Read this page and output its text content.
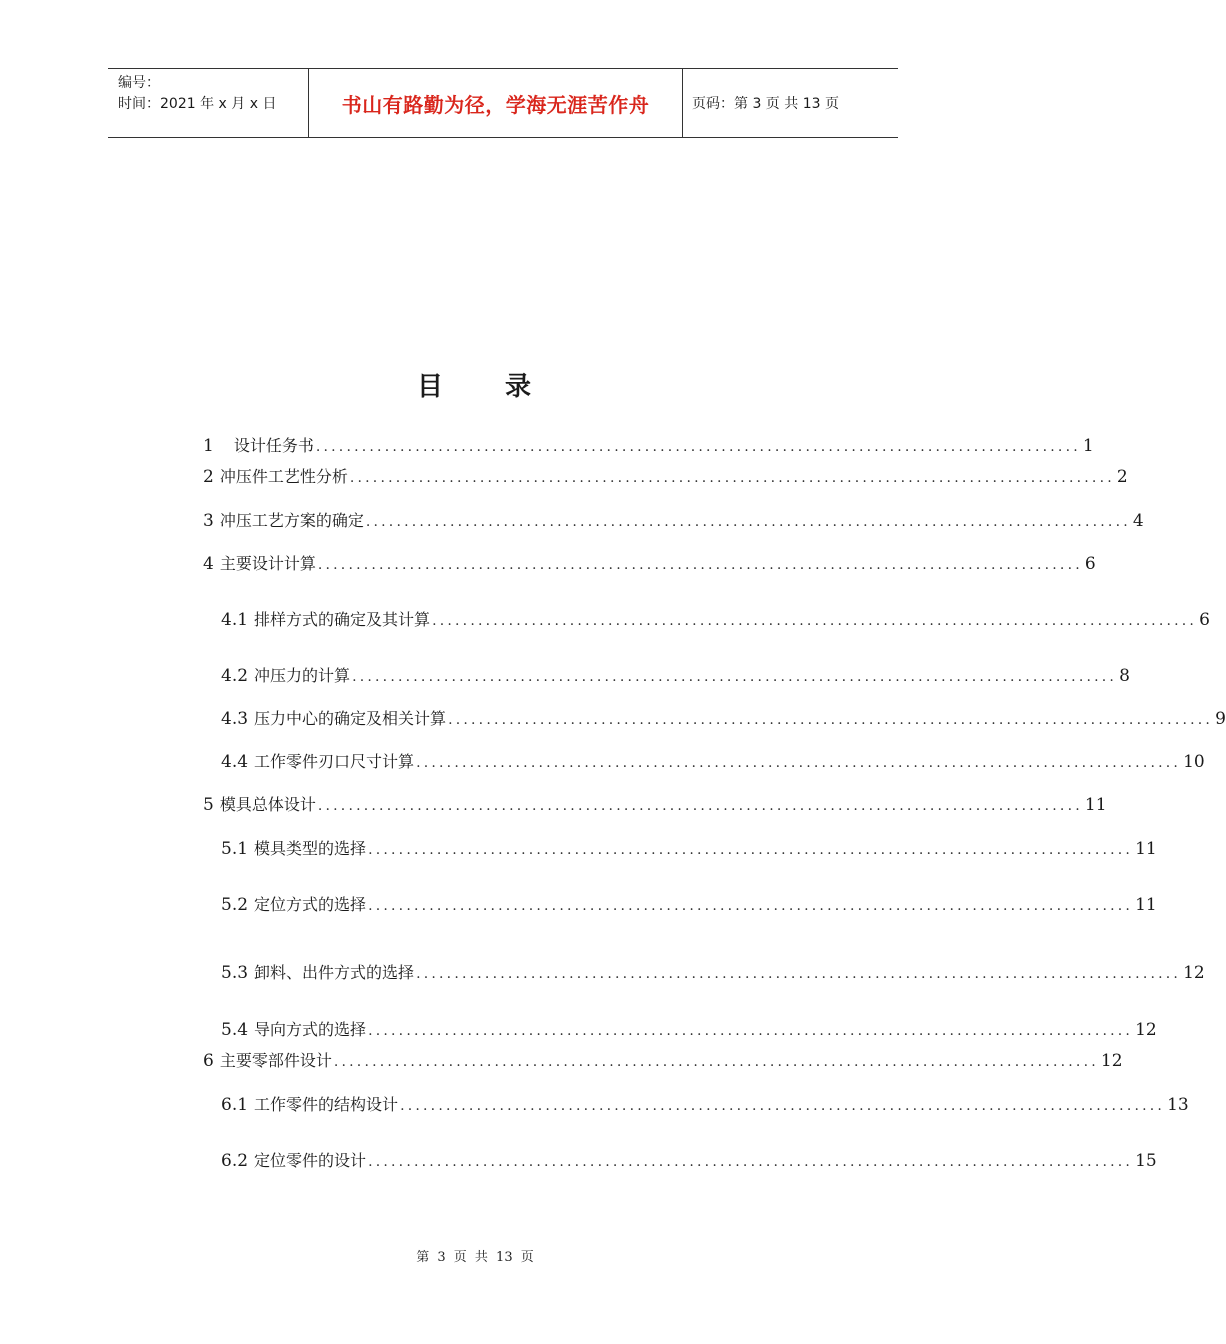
编号：
时间：2021 年 x 月 x 日	书山有路勤为径，学海无涯苦作舟	页码：第 3 页 共 13 页
目 录
1 设计任务书 .................................................................................................... 1
2 冲压件工艺性分析 .................................................................................................... 2
3 冲压工艺方案的确定 .................................................................................................... 4
4 主要设计计算 .................................................................................................... 6
4.1 排样方式的确定及其计算 .................................................................................................... 6
4.2 冲压力的计算 .................................................................................................... 8
4.3 压力中心的确定及相关计算 .................................................................................................... 9
4.4 工作零件刃口尺寸计算 .................................................................................................... 10
5 模具总体设计 .................................................................................................... 11
5.1 模具类型的选择 .................................................................................................... 11
5.2 定位方式的选择 .................................................................................................... 11
5.3 卸料、出件方式的选择 .................................................................................................... 12
5.4 导向方式的选择 .................................................................................................... 12
6 主要零部件设计 .................................................................................................... 12
6.1 工作零件的结构设计 .................................................................................................... 13
6.2 定位零件的设计 .................................................................................................... 15
第 3 页 共 13 页
